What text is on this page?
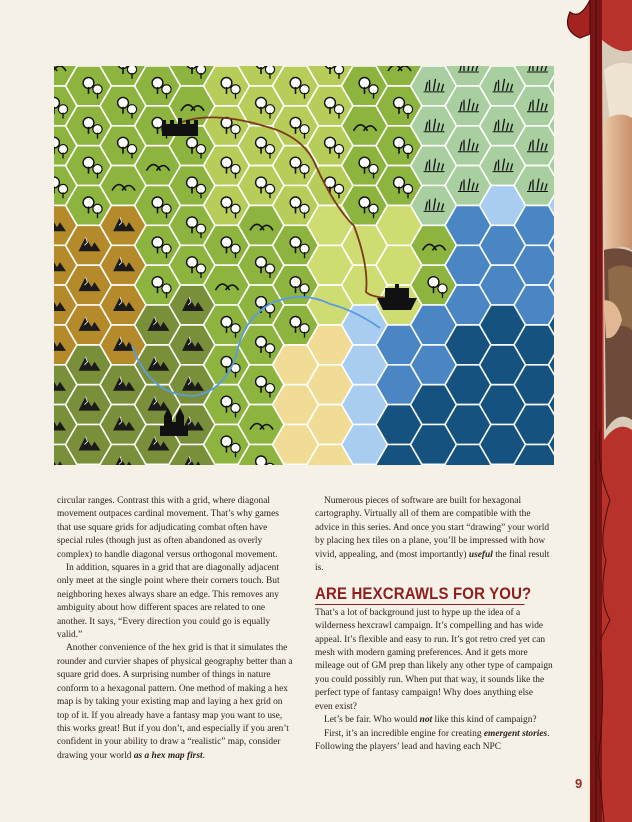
circular ranges. Contrast this with a grid, where diagonal movement outpaces cardinal movement. That’s why games that use square grids for adjudicating combat often have special rules (though just as often abandoned as overly complex) to handle diagonal versus orthogonal movement.

In addition, squares in a grid that are diagonally adjacent only meet at the single point where their corners touch. But neighboring hexes always share an edge. This removes any ambiguity about how different spaces are related to one another. It says, “Every direction you could go is equally valid.”

Another convenience of the hex grid is that it simulates the rounder and curvier shapes of physical geography better than a square grid does. A surprising number of things in nature conform to a hexagonal pattern. One method of making a hex map is by taking your existing map and laying a hex grid on top of it. If you already have a fantasy map you want to use, this works great! But if you don’t, and especially if you aren’t confident in your ability to draw a “realistic” map, consider drawing your world as a hex map first.

Numerous pieces of software are built for hexagonal cartography. Virtually all of them are compatible with the advice in this series. And once you start “drawing” your world by placing hex tiles on a plane, you’ll be impressed with how vivid, appealing, and (most importantly) useful the final result is.

ARE HEXCRAWLS FOR YOU?

That’s a lot of background just to hype up the idea of a wilderness hexcrawl campaign. It’s compelling and has wide appeal. It’s flexible and easy to run. It’s got retro cred yet can mesh with modern gaming preferences. And it gets more mileage out of GM prep than likely any other type of campaign you could possibly run. When put that way, it sounds like the perfect type of fantasy campaign! Why does anything else even exist?

Let’s be fair. Who would not like this kind of campaign?

First, it’s an incredible engine for creating emergent stories. Following the players’ lead and having each NPC

9
